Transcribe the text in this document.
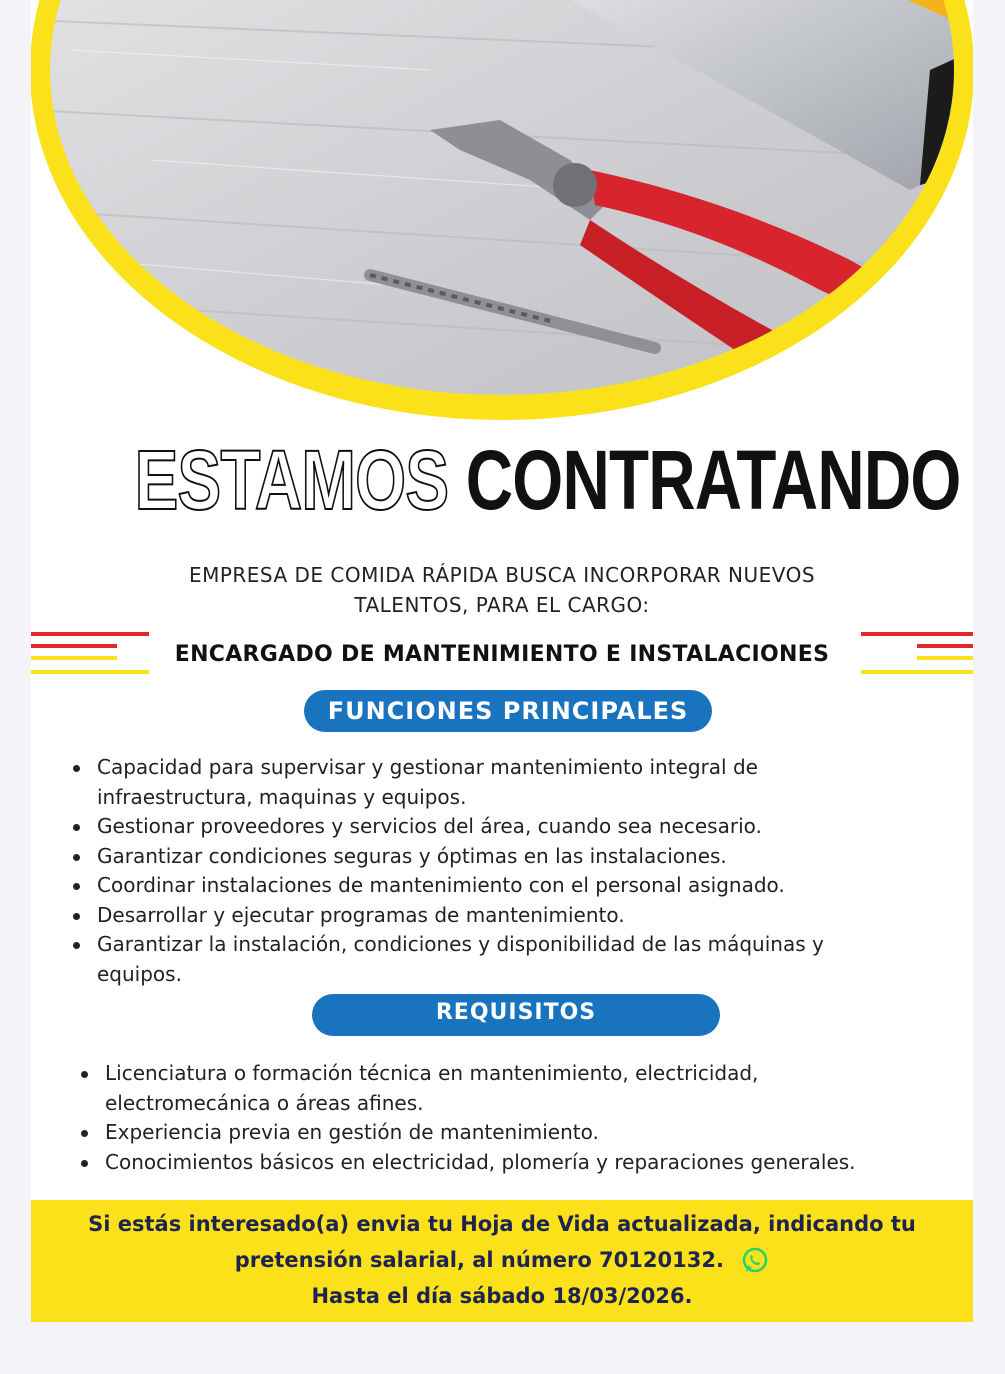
ESTAMOS CONTRATANDO
EMPRESA DE COMIDA RÁPIDA BUSCA INCORPORAR NUEVOS
TALENTOS, PARA EL CARGO:
ENCARGADO DE MANTENIMIENTO E INSTALACIONES
FUNCIONES PRINCIPALES
Capacidad para supervisar y gestionar mantenimiento integral de
infraestructura, maquinas y equipos.
Gestionar proveedores y servicios del área, cuando sea necesario.
Garantizar condiciones seguras y óptimas en las instalaciones.
Coordinar instalaciones de mantenimiento con el personal asignado.
Desarrollar y ejecutar programas de mantenimiento.
Garantizar la instalación, condiciones y disponibilidad de las máquinas y
equipos.
REQUISITOS
Licenciatura o formación técnica en mantenimiento, electricidad,
electromecánica o áreas afines.
Experiencia previa en gestión de mantenimiento.
Conocimientos básicos en electricidad, plomería y reparaciones generales.
Si estás interesado(a) envia tu Hoja de Vida actualizada, indicando tu
pretensión salarial, al número 70120132.
Hasta el día sábado 18/03/2026.
